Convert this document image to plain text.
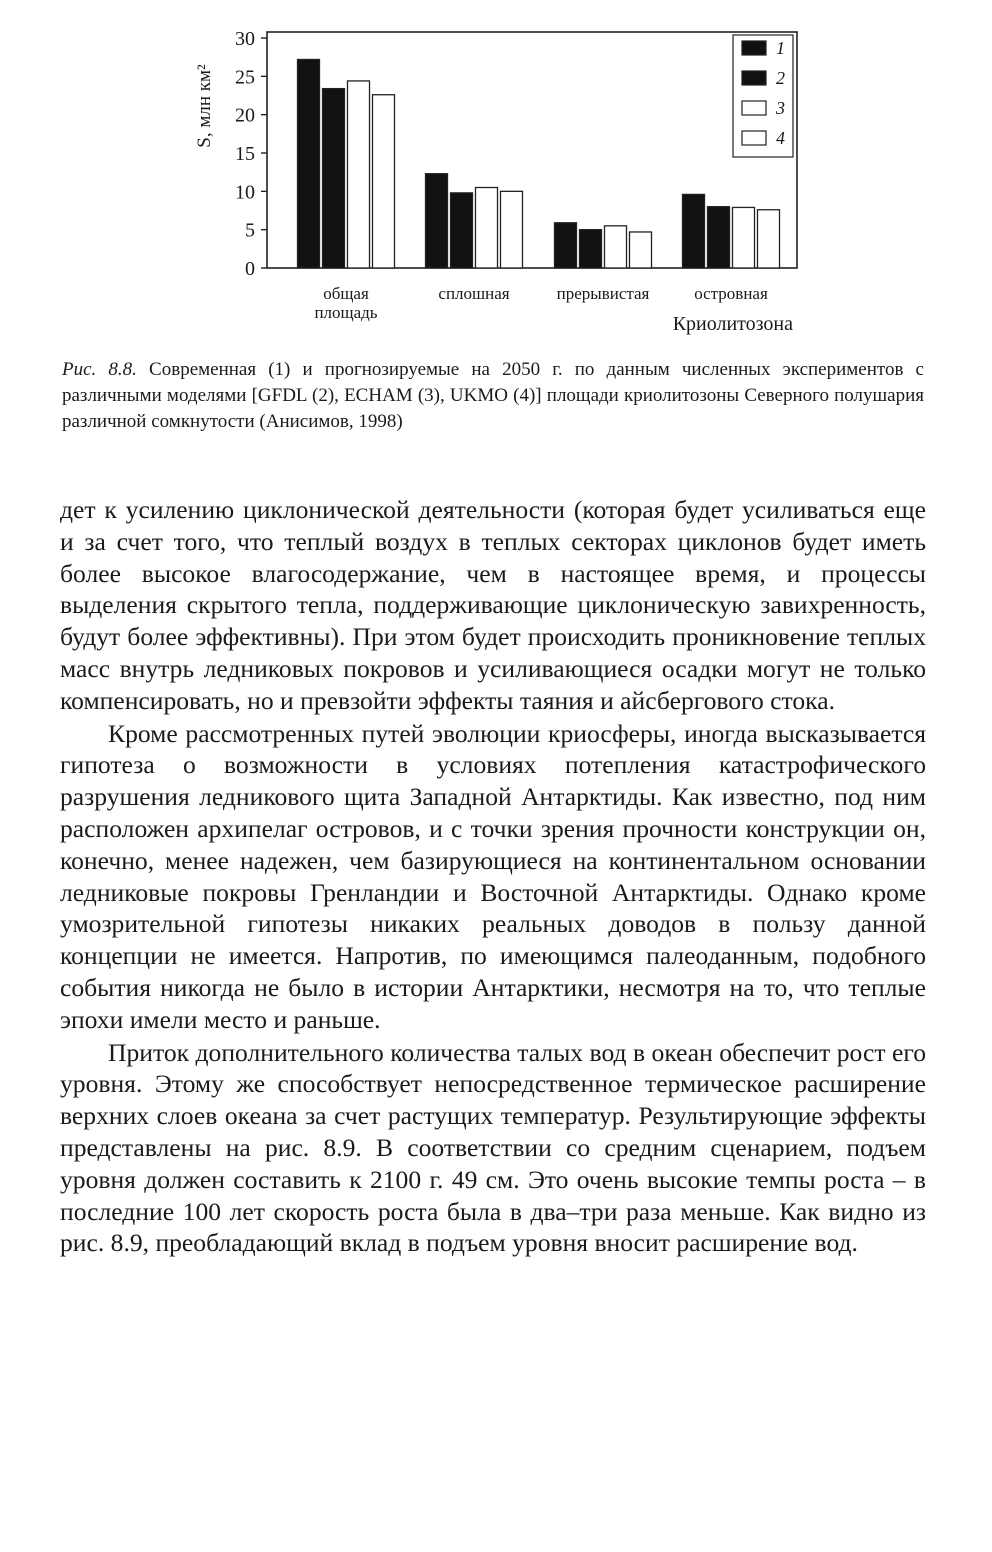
S, млн км²
0
5
10
15
20
25
30
общая площадь
сплошная	прерывистая	островная
Криолитозона
1
2
3
4
Рис. 8.8. Современная (1) и прогнозируемые на 2050 г. по данным численных экспериментов с различными моделями [GFDL (2), ECHAM (3), UKMO (4)] площади криолитозоны Северного полушария различной сомкнутости (Анисимов, 1998)

дет к усилению циклонической деятельности (которая будет усиливаться еще и за счет того, что теплый воздух в теплых секторах циклонов будет иметь более высокое влагосодержание, чем в настоящее время, и процессы выделения скрытого тепла, поддерживающие циклоническую завихренность, будут более эффективны). При этом будет происходить проникновение теплых масс внутрь ледниковых покровов и усиливающиеся осадки могут не только компенсировать, но и превзойти эффекты таяния и айсбергового стока.

Кроме рассмотренных путей эволюции криосферы, иногда высказывается гипотеза о возможности в условиях потепления катастрофического разрушения ледникового щита Западной Антарктиды. Как известно, под ним расположен архипелаг островов, и с точки зрения прочности конструкции он, конечно, менее надежен, чем базирующиеся на континентальном основании ледниковые покровы Гренландии и Восточной Антарктиды. Однако кроме умозрительной гипотезы никаких реальных доводов в пользу данной концепции не имеется. Напротив, по имеющимся палеоданным, подобного события никогда не было в истории Антарктики, несмотря на то, что теплые эпохи имели место и раньше.

Приток дополнительного количества талых вод в океан обеспечит рост его уровня. Этому же способствует непосредственное термическое расширение верхних слоев океана за счет растущих температур. Результирующие эффекты представлены на рис. 8.9. В соответствии со средним сценарием, подъем уровня должен составить к 2100 г. 49 см. Это очень высокие темпы роста – в последние 100 лет скорость роста была в два–три раза меньше. Как видно из рис. 8.9, преобладающий вклад в подъем уровня вносит расширение вод.
